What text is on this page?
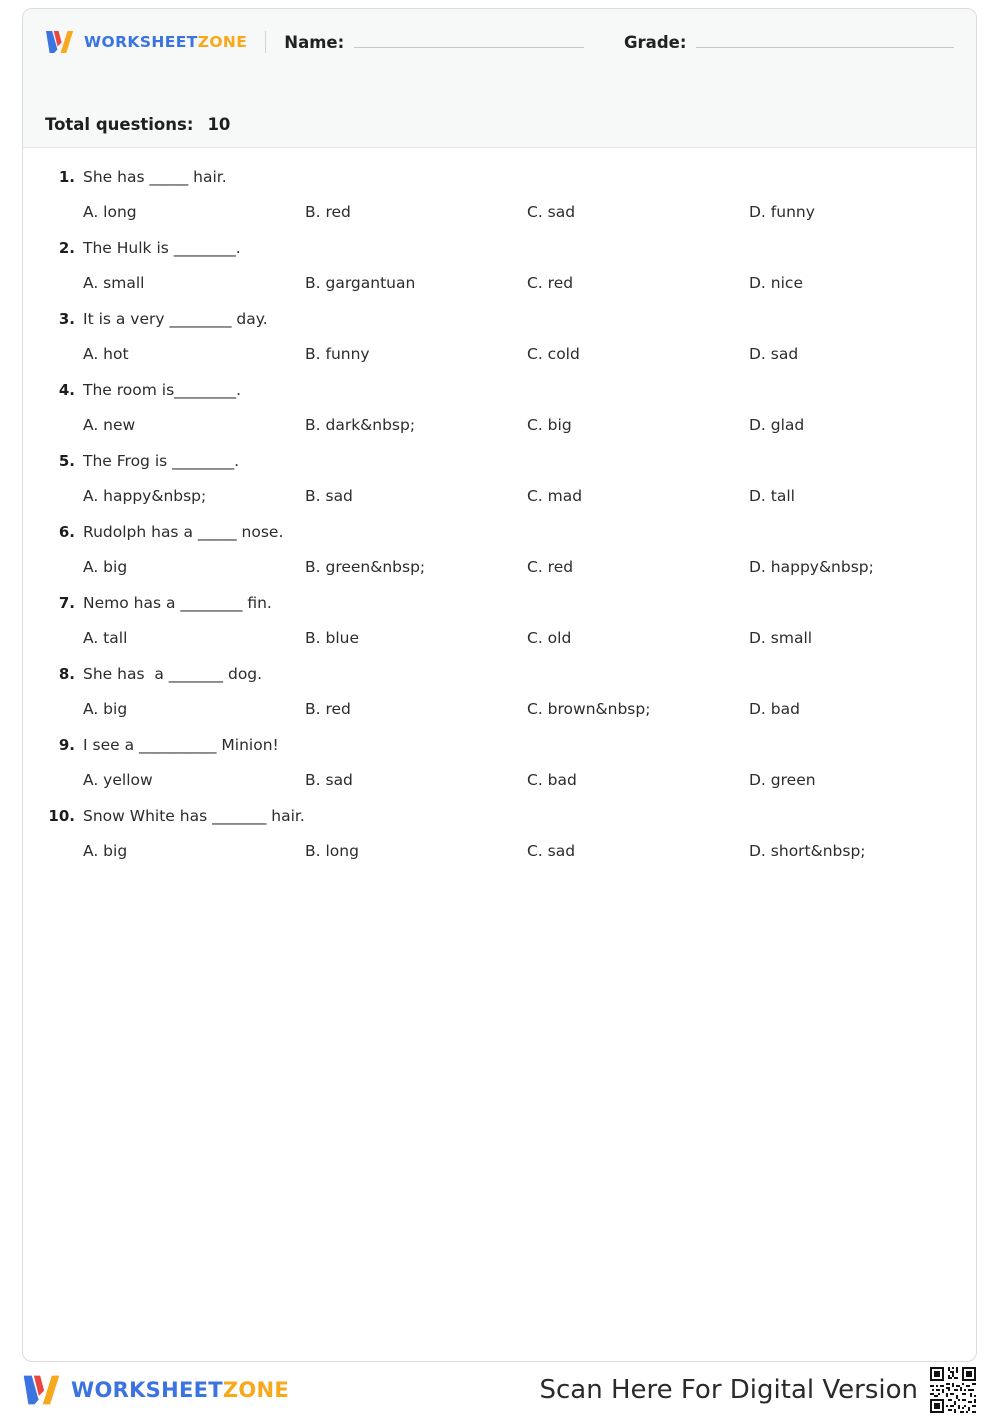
WORKSHEETZONE Name:	Grade:
Total questions: 10
1. She has _____ hair.
A. long	B. red	C. sad	D. funny
2. The Hulk is ________.
A. small	B. gargantuan	C. red	D. nice
3. It is a very ________ day.
A. hot	B. funny	C. cold	D. sad
4. The room is________.
A. new	B. dark&nbsp;	C. big	D. glad
5. The Frog is ________.
A. happy&nbsp;	B. sad	C. mad	D. tall
6. Rudolph has a _____ nose.
A. big	B. green&nbsp;	C. red	D. happy&nbsp;
7. Nemo has a ________ fin.
A. tall	B. blue	C. old	D. small
8. She has  a _______ dog.
A. big	B. red	C. brown&nbsp;	D. bad
9. I see a __________ Minion!
A. yellow	B. sad	C. bad	D. green
10. Snow White has _______ hair.
A. big	B. long	C. sad	D. short&nbsp;
WORKSHEETZONE	Scan Here For Digital Version
